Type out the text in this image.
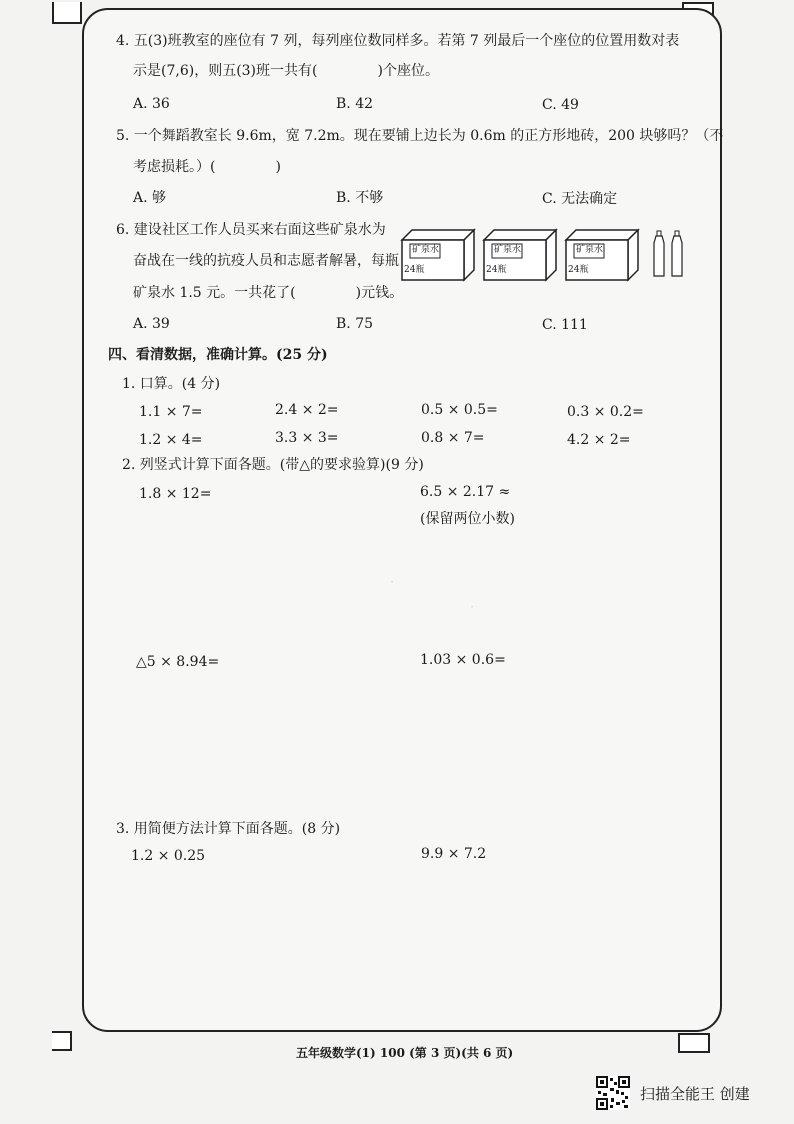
·
·
4. 五(3)班教室的座位有 7 列，每列座位数同样多。若第 7 列最后一个座位的位置用数对表
示是(7,6)，则五(3)班一共有(	)个座位。
A. 36	B. 42	C. 49
5. 一个舞蹈教室长 9.6m，宽 7.2m。现在要铺上边长为 0.6m 的正方形地砖，200 块够吗？（不
考虑损耗。）(	)
A. 够	B. 不够	C. 无法确定
6. 建设社区工作人员买来右面这些矿泉水为
奋战在一线的抗疫人员和志愿者解暑，每瓶
矿泉水 1.5 元。一共花了(	)元钱。
矿泉水
24瓶
矿泉水
24瓶
矿泉水
24瓶
A. 39	B. 75	C. 111
四、看清数据，准确计算。(25 分)
1. 口算。(4 分)
1.1 × 7=	2.4 × 2=	0.5 × 0.5=	0.3 × 0.2=
1.2 × 4=	3.3 × 3=	0.8 × 7=	4.2 × 2=
2. 列竖式计算下面各题。(带△的要求验算)(9 分)
1.8 × 12=	6.5 × 2.17 ≈
(保留两位小数)
△5 × 8.94=	1.03 × 0.6=
3. 用简便方法计算下面各题。(8 分)
1.2 × 0.25	9.9 × 7.2
五年级数学(1) 100 (第 3 页)(共 6 页)
扫描全能王 创建
